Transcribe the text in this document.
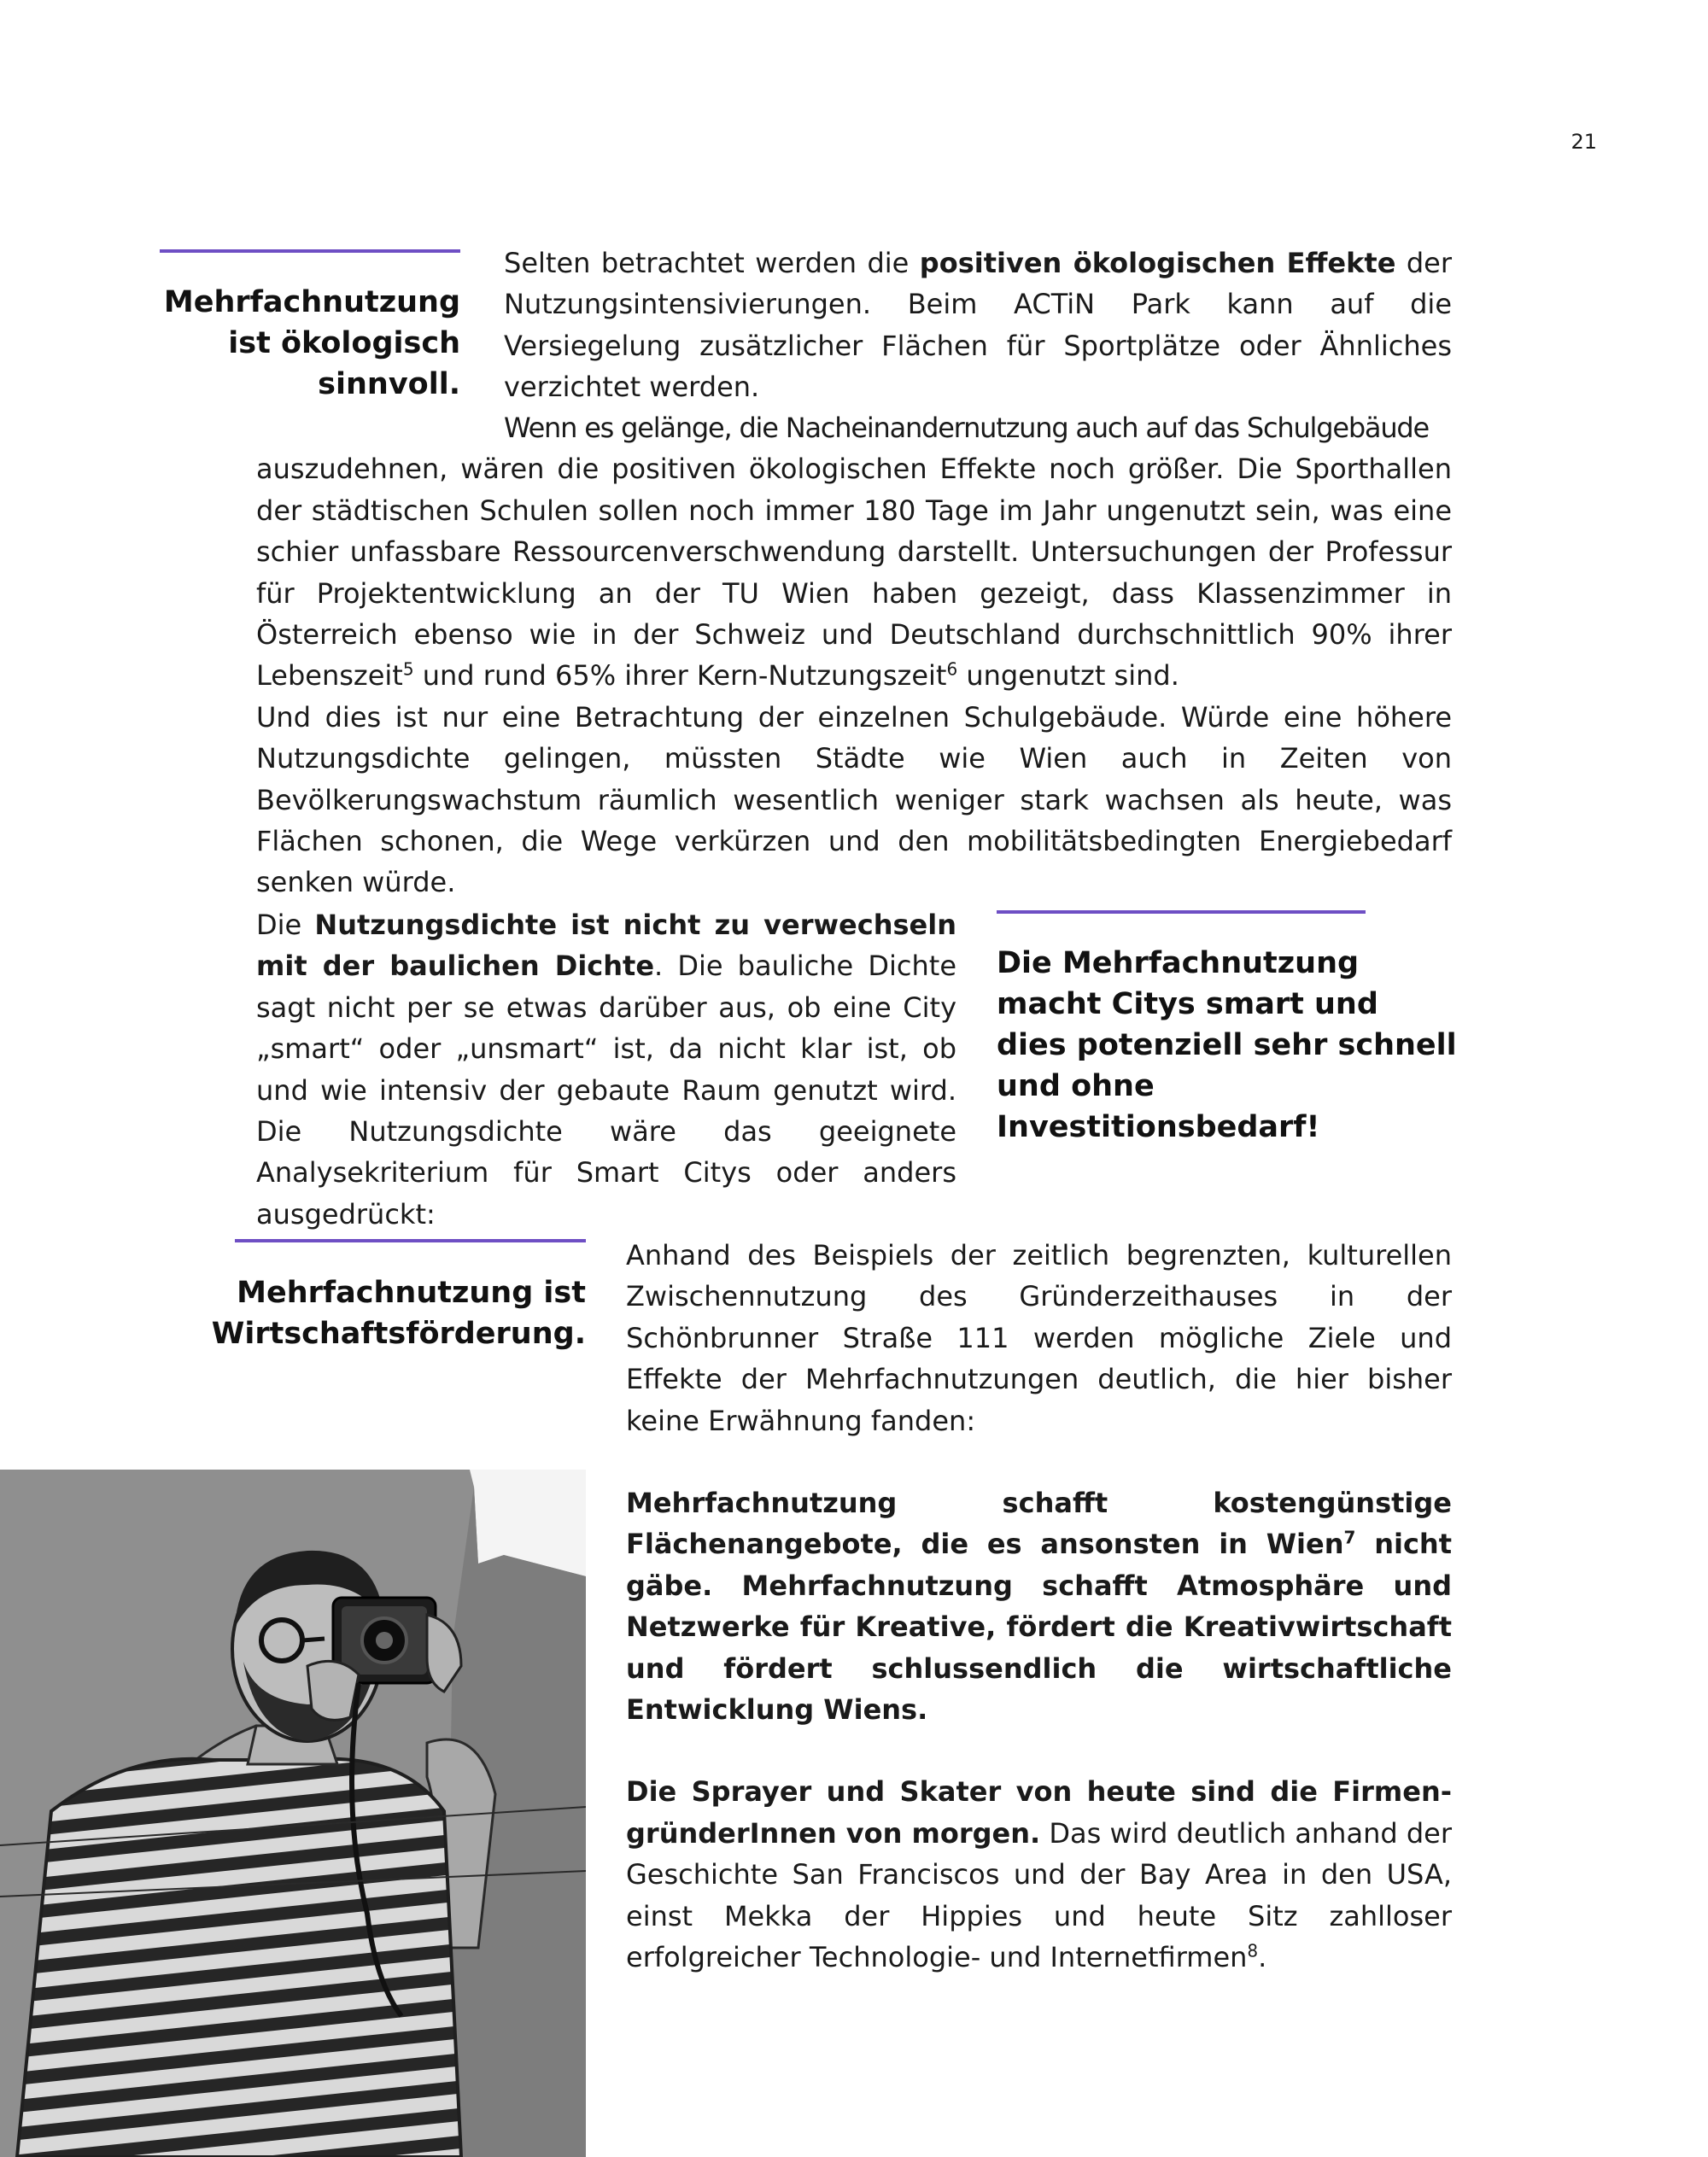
21
Mehrfachnutzung ist ökologisch sinnvoll.

Selten betrachtet werden die positiven ökologischen Effekte der Nutzungsintensivierungen. Beim ACTiN Park kann auf die Versiegelung zusätzlicher Flächen für Sportplätze oder Ähnliches verzichtet werden.

Wenn es gelänge, die Nacheinandernutzung auch auf das Schulgebäude

auszudehnen, wären die positiven ökologischen Effekte noch größer. Die Sporthallen der städtischen Schulen sollen noch immer 180 Tage im Jahr ungenutzt sein, was eine schier unfassbare Ressourcenverschwendung darstellt. Untersuchungen der Professur für Projektentwicklung an der TU Wien haben gezeigt, dass Klassenzimmer in Österreich ebenso wie in der Schweiz und Deutschland durchschnittlich 90% ihrer Lebenszeit$^5$ und rund 65% ihrer Kern-Nutzungszeit$^6$ ungenutzt sind.

Und dies ist nur eine Betrachtung der einzelnen Schulgebäude. Würde eine höhere Nutzungsdichte gelingen, müssten Städte wie Wien auch in Zeiten von Bevölkerungswachstum räumlich wesentlich weniger stark wachsen als heute, was Flächen schonen, die Wege verkürzen und den mobilitätsbedingten Energiebedarf senken würde.

Die Nutzungsdichte ist nicht zu verwechseln mit der baulichen Dichte. Die bauliche Dichte sagt nicht per se etwas darüber aus, ob eine City „smart“ oder „unsmart“ ist, da nicht klar ist, ob und wie intensiv der gebaute Raum genutzt wird. Die Nutzungsdichte wäre das geeignete Analysekriterium für Smart Citys oder anders ausgedrückt:

Die Mehrfachnutzung macht Citys smart und dies potenziell sehr schnell und ohne Investitionsbedarf!
Mehrfachnutzung ist Wirtschaftsförderung.

Anhand des Beispiels der zeitlich begrenzten, kulturellen Zwischennutzung des Gründerzeithauses in der Schönbrunner Straße 111 werden mögliche Ziele und Effekte der Mehrfachnutzungen deutlich, die hier bisher keine Erwähnung fanden:

Mehrfachnutzung schafft kostengünstige Flächenangebote, die es ansonsten in Wien$^7$ nicht gäbe. Mehrfachnutzung schafft Atmosphäre und Netzwerke für Kreative, fördert die Kreativwirtschaft und fördert schlussendlich die wirtschaftliche Entwicklung Wiens.

Die Sprayer und Skater von heute sind die FirmengründerInnen von morgen. Das wird deutlich anhand der Geschichte San Franciscos und der Bay Area in den USA, einst Mekka der Hippies und heute Sitz zahlloser erfolgreicher Technologie- und Internetfirmen$^8$.
